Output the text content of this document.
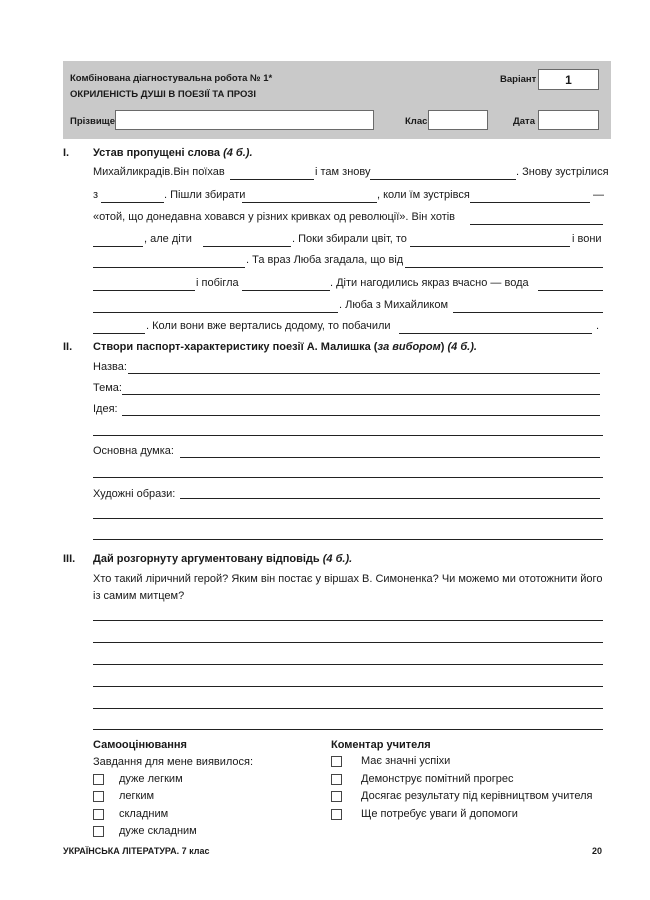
Комбінована діагностувальна робота № 1*
ОКРИЛЕНІСТЬ ДУШІ В ПОЕЗІЇ ТА ПРОЗІ
Варіант	1
Прізвище	Клас	Дата
I. Устав пропущені слова (4 б.).
Михайликрадів.Він поїхав	і там знову	. Знову зустрілися
з	. Пішли збирати	, коли їм зустрівся	—
«отой, що донедавна ховався у різних кривках од революції». Він хотів
, але діти	. Поки збирали цвіт, то	і вони
. Та враз Люба згадала, що від
і побігла	. Діти нагодились якраз вчасно — вода
. Люба з Михайликом
. Коли вони вже вертались додому, то побачили	.
II. Створи паспорт-характеристику поезії А. Малишка (за вибором) (4 б.).
Назва:
Тема:
Ідея:
Основна думка:
Художні образи:
III. Дай розгорнуту аргументовану відповідь (4 б.).
Хто такий ліричний герой? Яким він постає у віршах В. Симоненка? Чи можемо ми ототожнити його
із самим митцем?
Самооцінювання
Завдання для мене виявилося:
дуже легким
легким
складним
дуже складним
Коментар учителя
Має значні успіхи
Демонструє помітний прогрес
Досягає результату під керівництвом учителя
Ще потребує уваги й допомоги
УКРАЇНСЬКА ЛІТЕРАТУРА. 7 клас	20
